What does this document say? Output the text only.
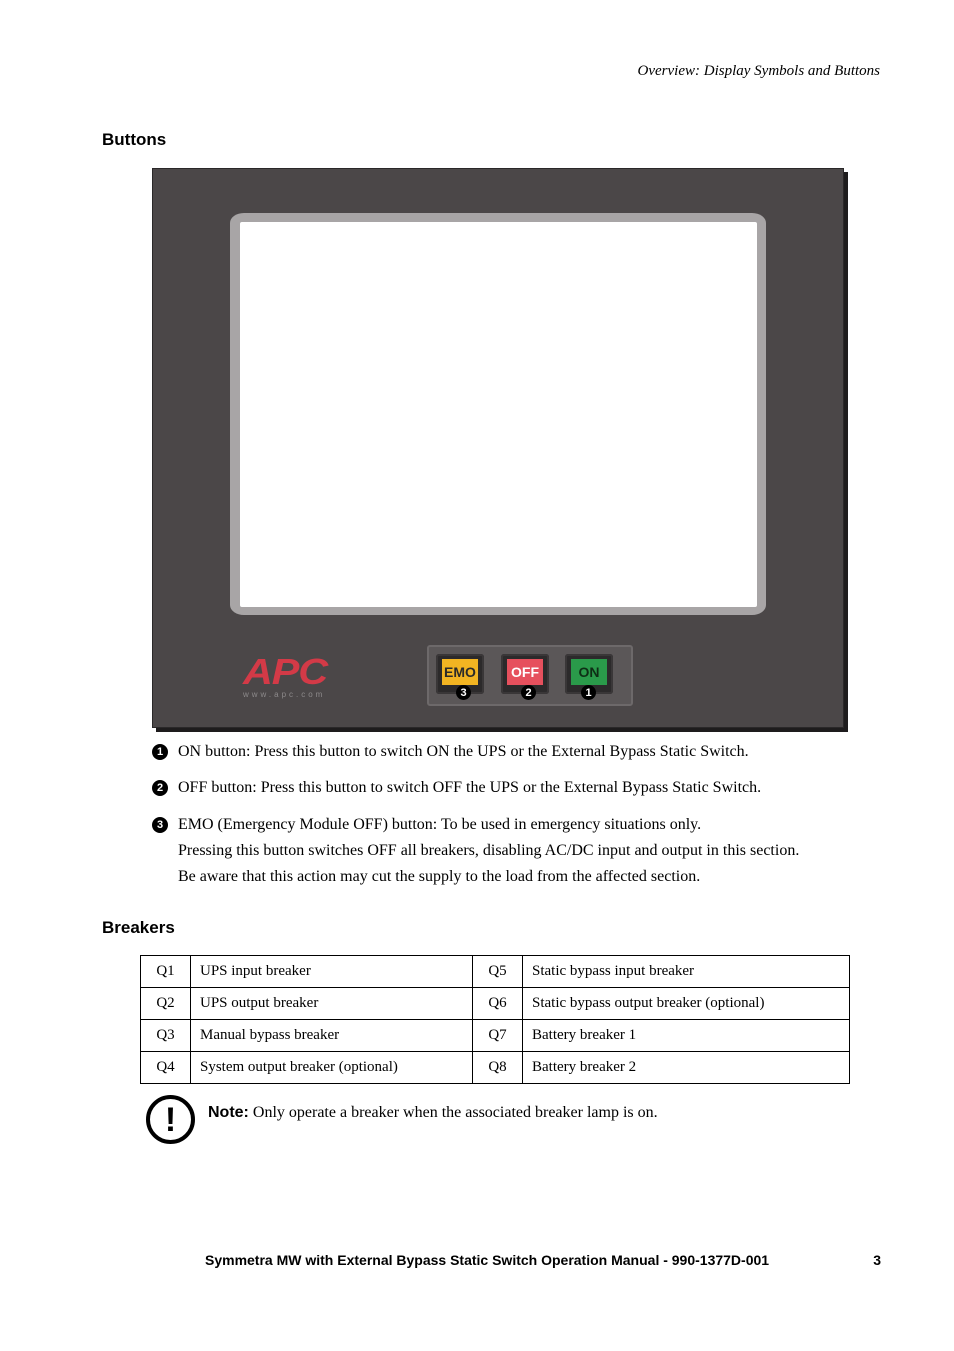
Overview: Display Symbols and Buttons
Buttons
APC
www.apc.com
EMO
3
OFF
2
ON
1
1 ON button: Press this button to switch ON the UPS or the External Bypass Static Switch.
2 OFF button: Press this button to switch OFF the UPS or the External Bypass Static Switch.
3 EMO (Emergency Module OFF) button: To be used in emergency situations only.
Pressing this button switches OFF all breakers, disabling AC/DC input and output in this section.
Be aware that this action may cut the supply to the load from the affected section.
Breakers
Q1	UPS input breaker	Q5	Static bypass input breaker
Q2	UPS output breaker	Q6	Static bypass output breaker (optional)
Q3	Manual bypass breaker	Q7	Battery breaker 1
Q4	System output breaker (optional)	Q8	Battery breaker 2
!	Note: Only operate a breaker when the associated breaker lamp is on.
Symmetra MW with External Bypass Static Switch Operation Manual - 990-1377D-001	3
